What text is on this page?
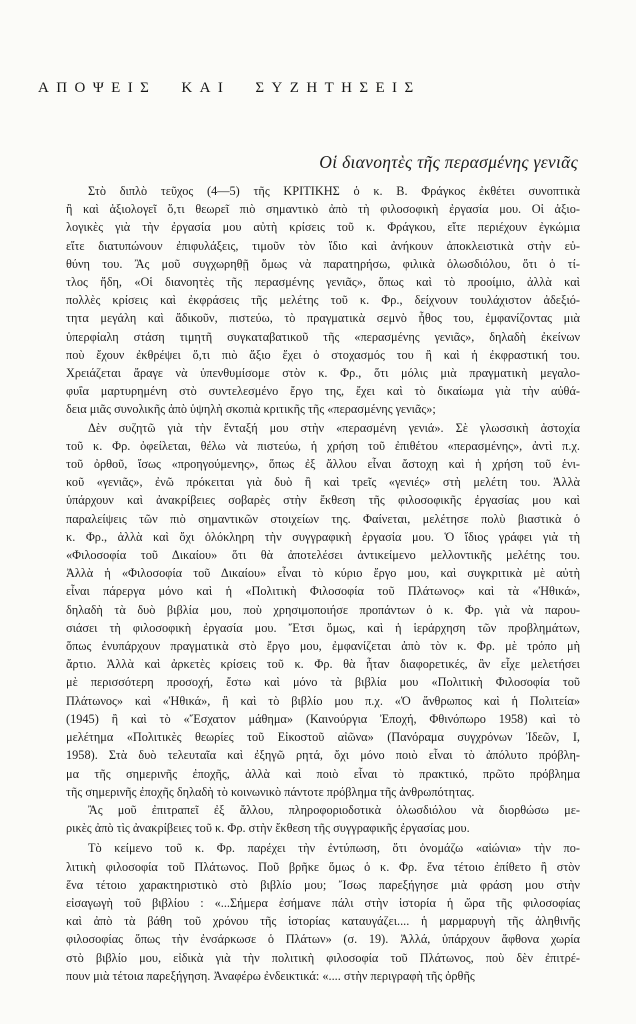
ΑΠΟΨΕΙΣ ΚΑΙ ΣΥΖΗΤΗΣΕΙΣ
Οἱ διανοητὲς τῆς περασμένης γενιᾶς
Στὸ διπλὸ τεῦχος (4—5) τῆς ΚΡΙΤΙΚΗΣ ὁ κ. Β. Φράγκος ἐκθέτει συνοπτικὰ
ἢ καὶ ἀξιολογεῖ ὅ,τι θεωρεῖ πιὸ σημαντικὸ ἀπὸ τὴ φιλοσοφικὴ ἐργασία μου. Οἱ ἀξιο-
λογικὲς γιὰ τὴν ἐργασία μου αὐτὴ κρίσεις τοῦ κ. Φράγκου, εἴτε περιέχουν ἐγκώμια
εἴτε διατυπώνουν ἐπιφυλάξεις, τιμοῦν τὸν ἴδιο καὶ ἀνήκουν ἀποκλειστικὰ στὴν εὐ-
θύνη του. Ἂς μοῦ συγχωρηθῇ ὅμως νὰ παρατηρήσω, φιλικὰ ὁλωσδιόλου, ὅτι ὁ τί-
τλος ἤδη, «Οἱ διανοητὲς τῆς περασμένης γενιᾶς», ὅπως καὶ τὸ προοίμιο, ἀλλὰ καὶ
πολλὲς κρίσεις καὶ ἐκφράσεις τῆς μελέτης τοῦ κ. Φρ., δείχνουν τουλάχιστον ἀδεξιό-
τητα μεγάλη καὶ ἄδικοῦν, πιστεύω, τὸ πραγματικὰ σεμνὸ ἦθος του, ἐμφανίζοντας μιὰ
ὑπερφίαλη στάση τιμητῆ συγκαταβατικοῦ τῆς «περασμένης γενιᾶς», δηλαδὴ ἐκείνων
ποὺ ἔχουν ἐκθρέψει ὅ,τι πιὸ ἄξιο ἔχει ὁ στοχασμός του ἢ καὶ ἡ ἐκφραστική του.
Χρειάζεται ἄραγε νὰ ὑπενθυμίσομε στὸν κ. Φρ., ὅτι μόλις μιὰ πραγματικὴ μεγαλο-
φυΐα μαρτυρημένη στὸ συντελεσμένο ἔργο της, ἔχει καὶ τὸ δικαίωμα γιὰ τὴν αὐθά-
δεια μιᾶς συνολικῆς ἀπὸ ὑψηλὴ σκοπιὰ κριτικῆς τῆς «περασμένης γενιᾶς»;
Δὲν συζητῶ γιὰ τὴν ἔνταξή μου στὴν «περασμένη γενιά». Σὲ γλωσσικὴ ἀστοχία
τοῦ κ. Φρ. ὀφείλεται, θέλω νὰ πιστεύω, ἡ χρήση τοῦ ἐπιθέτου «περασμένης», ἀντὶ π.χ.
τοῦ ὀρθοῦ, ἴσως «προηγούμενης», ὅπως ἐξ ἄλλου εἶναι ἄστοχη καὶ ἡ χρήση τοῦ ἑνι-
κοῦ «γενιᾶς», ἐνῶ πρόκειται γιὰ δυὸ ἢ καὶ τρεῖς «γενιές» στὴ μελέτη του. Ἀλλὰ
ὑπάρχουν καὶ ἀνακρίβειες σοβαρὲς στὴν ἔκθεση τῆς φιλοσοφικῆς ἐργασίας μου καὶ
παραλείψεις τῶν πιὸ σημαντικῶν στοιχείων της. Φαίνεται, μελέτησε πολὺ βιαστικὰ ὁ
κ. Φρ., ἀλλὰ καὶ ὄχι ὁλόκληρη τὴν συγγραφικὴ ἐργασία μου. Ὁ ἴδιος γράφει γιὰ τὴ
«Φιλοσοφία τοῦ Δικαίου» ὅτι θὰ ἀποτελέσει ἀντικείμενο μελλοντικῆς μελέτης του.
Ἀλλὰ ἡ «Φιλοσοφία τοῦ Δικαίου» εἶναι τὸ κύριο ἔργο μου, καὶ συγκριτικὰ μὲ αὐτὴ
εἶναι πάρεργα μόνο καὶ ἡ «Πολιτικὴ Φιλοσοφία τοῦ Πλάτωνος» καὶ τὰ «Ἠθικά»,
δηλαδὴ τὰ δυὸ βιβλία μου, ποὺ χρησιμοποιήσε προπάντων ὁ κ. Φρ. γιὰ νὰ παρου-
σιάσει τὴ φιλοσοφικὴ ἐργασία μου. Ἔτσι ὅμως, καὶ ἡ ἱεράρχηση τῶν προβλημάτων,
ὅπως ἐνυπάρχουν πραγματικὰ στὸ ἔργο μου, ἐμφανίζεται ἀπὸ τὸν κ. Φρ. μὲ τρόπο μὴ
ἄρτιο. Ἀλλὰ καὶ ἀρκετὲς κρίσεις τοῦ κ. Φρ. θὰ ἦταν διαφορετικές, ἂν εἶχε μελετήσει
μὲ περισσότερη προσοχή, ἔστω καὶ μόνο τὰ βιβλία μου «Πολιτικὴ Φιλοσοφία τοῦ
Πλάτωνος» καὶ «Ἠθικά», ἢ καὶ τὸ βιβλίο μου π.χ. «Ὁ ἄνθρωπος καὶ ἡ Πολιτεία»
(1945) ἢ καὶ τὸ «Ἔσχατον μάθημα» (Καινούργια Ἐποχή, Φθινόπωρο 1958) καὶ τὸ
μελέτημα «Πολιτικὲς θεωρίες τοῦ Εἰκοστοῦ αἰῶνα» (Πανόραμα συγχρόνων Ἰδεῶν, Ι,
1958). Στὰ δυὸ τελευταῖα καὶ ἐξηγῶ ρητά, ὄχι μόνο ποιὸ εἶναι τὸ ἀπόλυτο πρόβλη-
μα τῆς σημερινῆς ἐποχῆς, ἀλλὰ καὶ ποιὸ εἶναι τὸ πρακτικό, πρῶτο πρόβλημα
τῆς σημερινῆς ἐποχῆς δηλαδὴ τὸ κοινωνικὸ πάντοτε πρόβλημα τῆς ἀνθρωπότητας.
Ἂς μοῦ ἐπιτραπεῖ ἐξ ἄλλου, πληροφοριοδοτικὰ ὁλωσδιόλου νὰ διορθώσω με-
ρικὲς ἀπὸ τὶς ἀνακρίβειες τοῦ κ. Φρ. στὴν ἔκθεση τῆς συγγραφικῆς ἐργασίας μου.
Τὸ κείμενο τοῦ κ. Φρ. παρέχει τὴν ἐντύπωση, ὅτι ὀνομάζω «αἰώνια» τὴν πο-
λιτικὴ φιλοσοφία τοῦ Πλάτωνος. Ποῦ βρῆκε ὅμως ὁ κ. Φρ. ἕνα τέτοιο ἐπίθετο ἢ στὸν
ἕνα τέτοιο χαρακτηριστικὸ στὸ βιβλίο μου; Ἴσως παρεξήγησε μιὰ φράση μου στὴν
εἰσαγωγὴ τοῦ βιβλίου : «...Σήμερα ἐσήμανε πάλι στὴν ἱστορία ἡ ὥρα τῆς φιλοσοφίας
καὶ ἀπὸ τὰ βάθη τοῦ χρόνου τῆς ἱστορίας καταυγάζει.... ἡ μαρμαρυγὴ τῆς ἀληθινῆς
φιλοσοφίας ὅπως τὴν ἐνσάρκωσε ὁ Πλάτων» (σ. 19). Ἀλλά, ὑπάρχουν ἄφθονα χωρία
στὸ βιβλίο μου, εἰδικὰ γιὰ τὴν πολιτικὴ φιλοσοφία τοῦ Πλάτωνος, ποὺ δὲν ἐπιτρέ-
πουν μιὰ τέτοια παρεξήγηση. Ἀναφέρω ἐνδεικτικά: «.... στὴν περιγραφὴ τῆς ὀρθῆς
